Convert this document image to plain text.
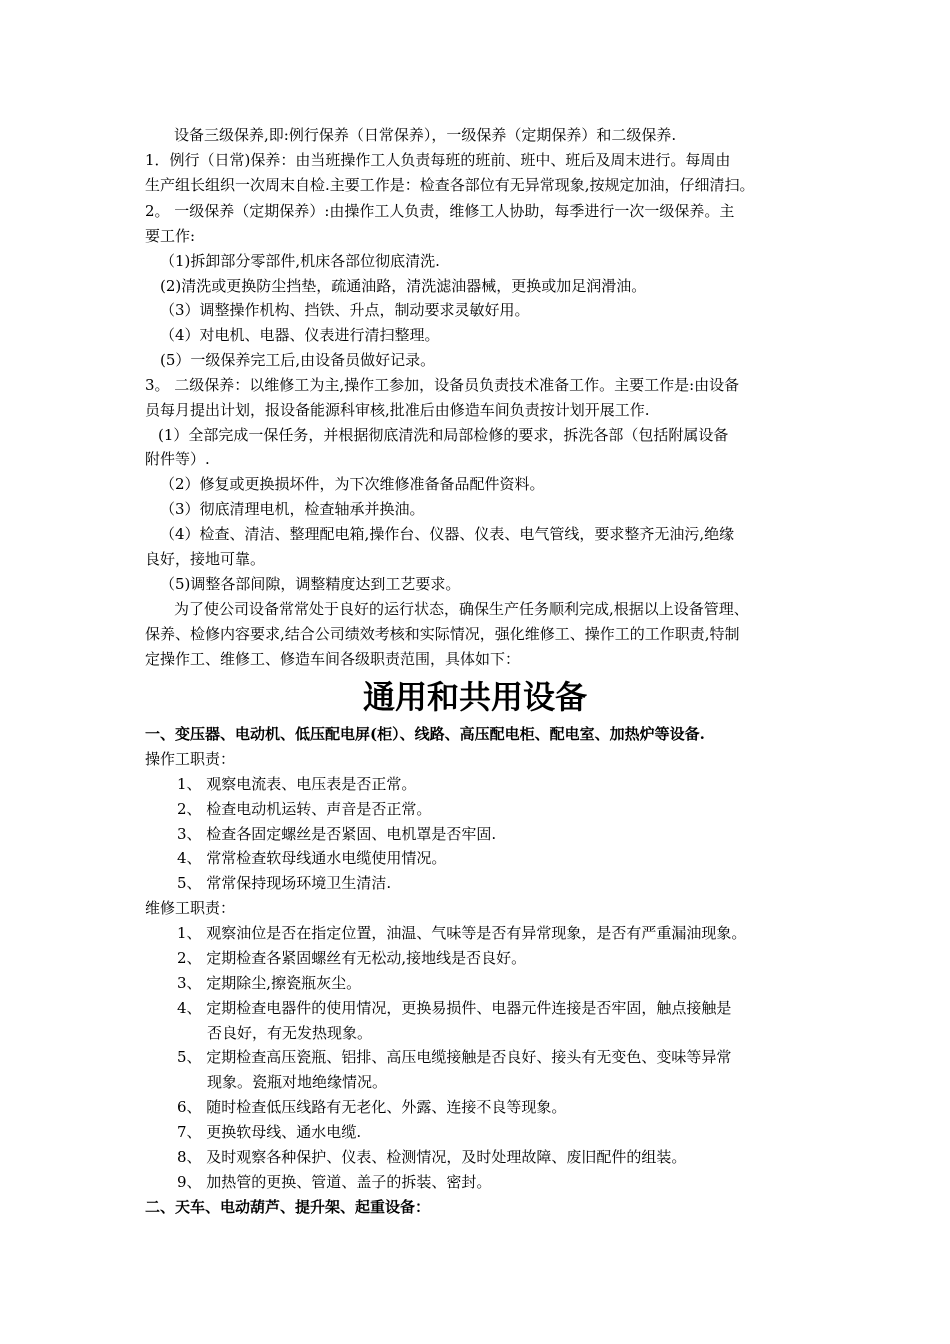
设备三级保养,即:例行保养（日常保养），一级保养（定期保养）和二级保养.
1．例行（日常)保养：由当班操作工人负责每班的班前、班中、班后及周末进行。每周由
生产组长组织一次周末自检.主要工作是：检查各部位有无异常现象,按规定加油，仔细清扫。
2。 一级保养（定期保养）:由操作工人负责，维修工人协助，每季进行一次一级保养。主
要工作:
（1)拆卸部分零部件,机床各部位彻底清洗.
(2)清洗或更换防尘挡垫，疏通油路，清洗滤油器械，更换或加足润滑油。
（3）调整操作机构、挡铁、升点，制动要求灵敏好用。
（4）对电机、电器、仪表进行清扫整理。
(5）一级保养完工后,由设备员做好记录。
3。 二级保养：以维修工为主,操作工参加，设备员负责技术准备工作。主要工作是:由设备
员每月提出计划，报设备能源科审核,批准后由修造车间负责按计划开展工作.
(1）全部完成一保任务，并根据彻底清洗和局部检修的要求，拆洗各部（包括附属设备
附件等）.
（2）修复或更换损坏件，为下次维修准备备品配件资料。
（3）彻底清理电机，检查轴承并换油。
（4）检查、清洁、整理配电箱,操作台、仪器、仪表、电气管线，要求整齐无油污,绝缘
良好，接地可靠。
（5)调整各部间隙，调整精度达到工艺要求。
为了使公司设备常常处于良好的运行状态，确保生产任务顺利完成,根据以上设备管理、
保养、检修内容要求,结合公司绩效考核和实际情况，强化维修工、操作工的工作职责,特制
定操作工、维修工、修造车间各级职责范围，具体如下：
通用和共用设备
一、变压器、电动机、低压配电屏(柜）、线路、高压配电柜、配电室、加热炉等设备.
操作工职责：
1、 观察电流表、电压表是否正常。
2、 检查电动机运转、声音是否正常。
3、 检查各固定螺丝是否紧固、电机罩是否牢固.
4、 常常检查软母线通水电缆使用情况。
5、 常常保持现场环境卫生清洁.
维修工职责：
1、 观察油位是否在指定位置，油温、气味等是否有异常现象，是否有严重漏油现象。
2、 定期检查各紧固螺丝有无松动,接地线是否良好。
3、 定期除尘,擦瓷瓶灰尘。
4、 定期检查电器件的使用情况，更换易损件、电器元件连接是否牢固，触点接触是
否良好，有无发热现象。
5、 定期检查高压瓷瓶、铝排、高压电缆接触是否良好、接头有无变色、变味等异常
现象。瓷瓶对地绝缘情况。
6、 随时检查低压线路有无老化、外露、连接不良等现象。
7、 更换软母线、通水电缆.
8、 及时观察各种保护、仪表、检测情况，及时处理故障、废旧配件的组装。
9、 加热管的更换、管道、盖子的拆装、密封。
二、天车、电动葫芦、提升架、起重设备：
